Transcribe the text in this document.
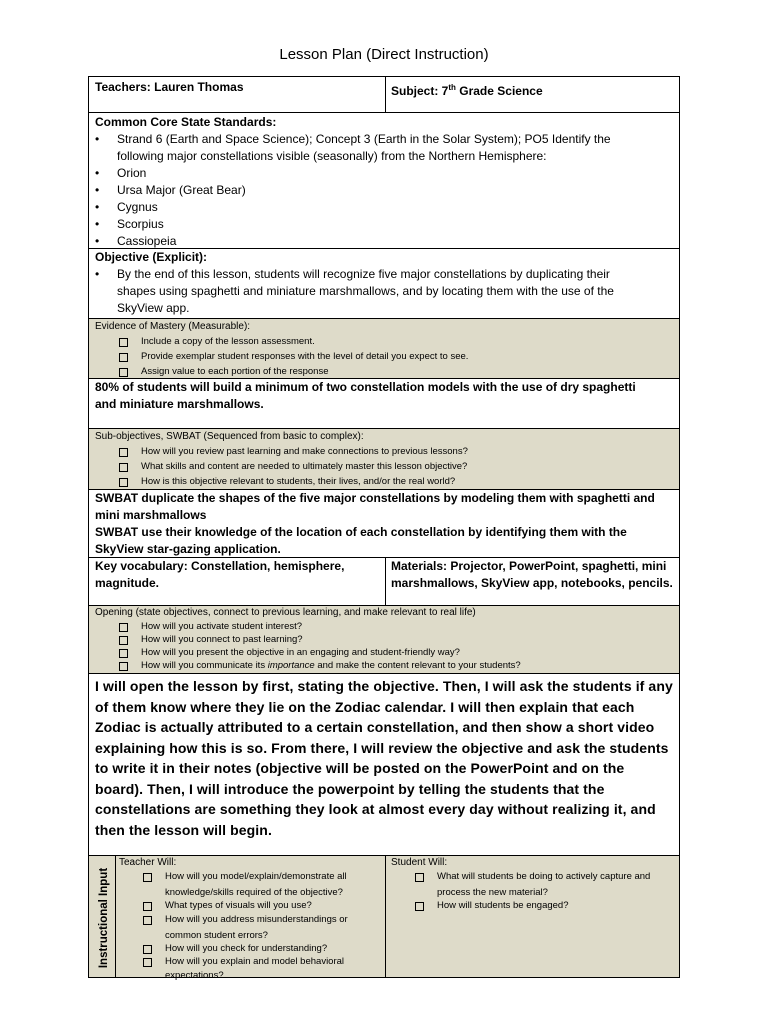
Lesson Plan (Direct Instruction)
Teachers: Lauren Thomas	Subject: 7th Grade Science
Common Core State Standards:
• Strand 6 (Earth and Space Science); Concept 3 (Earth in the Solar System); PO5 Identify the following major constellations visible (seasonally) from the Northern Hemisphere:
• Orion
• Ursa Major (Great Bear)
• Cygnus
• Scorpius
• Cassiopeia
Objective (Explicit):
• By the end of this lesson, students will recognize five major constellations by duplicating their shapes using spaghetti and miniature marshmallows, and by locating them with the use of the SkyView app.
Evidence of Mastery (Measurable):
Include a copy of the lesson assessment.
Provide exemplar student responses with the level of detail you expect to see.
Assign value to each portion of the response
80% of students will build a minimum of two constellation models with the use of dry spaghetti and miniature marshmallows.
Sub-objectives, SWBAT (Sequenced from basic to complex):
How will you review past learning and make connections to previous lessons?
What skills and content are needed to ultimately master this lesson objective?
How is this objective relevant to students, their lives, and/or the real world?
SWBAT duplicate the shapes of the five major constellations by modeling them with spaghetti and mini marshmallows
SWBAT use their knowledge of the location of each constellation by identifying them with the SkyView star-gazing application.
Key vocabulary: Constellation, hemisphere, magnitude.
Materials: Projector, PowerPoint, spaghetti, mini marshmallows, SkyView app, notebooks, pencils.
Opening (state objectives, connect to previous learning, and make relevant to real life)
How will you activate student interest?
How will you connect to past learning?
How will you present the objective in an engaging and student-friendly way?
How will you communicate its importance and make the content relevant to your students?
I will open the lesson by first, stating the objective. Then, I will ask the students if any of them know where they lie on the Zodiac calendar. I will then explain that each Zodiac is actually attributed to a certain constellation, and then show a short video explaining how this is so. From there, I will review the objective and ask the students to write it in their notes (objective will be posted on the PowerPoint and on the board). Then, I will introduce the powerpoint by telling the students that the constellations are something they look at almost every day without realizing it, and then the lesson will begin.
Teacher Will:
How will you model/explain/demonstrate all knowledge/skills required of the objective?
What types of visuals will you use?
How will you address misunderstandings or common student errors?
How will you check for understanding?
How will you explain and model behavioral expectations?
Student Will:
What will students be doing to actively capture and process the new material?
How will students be engaged?
Instructional Input
